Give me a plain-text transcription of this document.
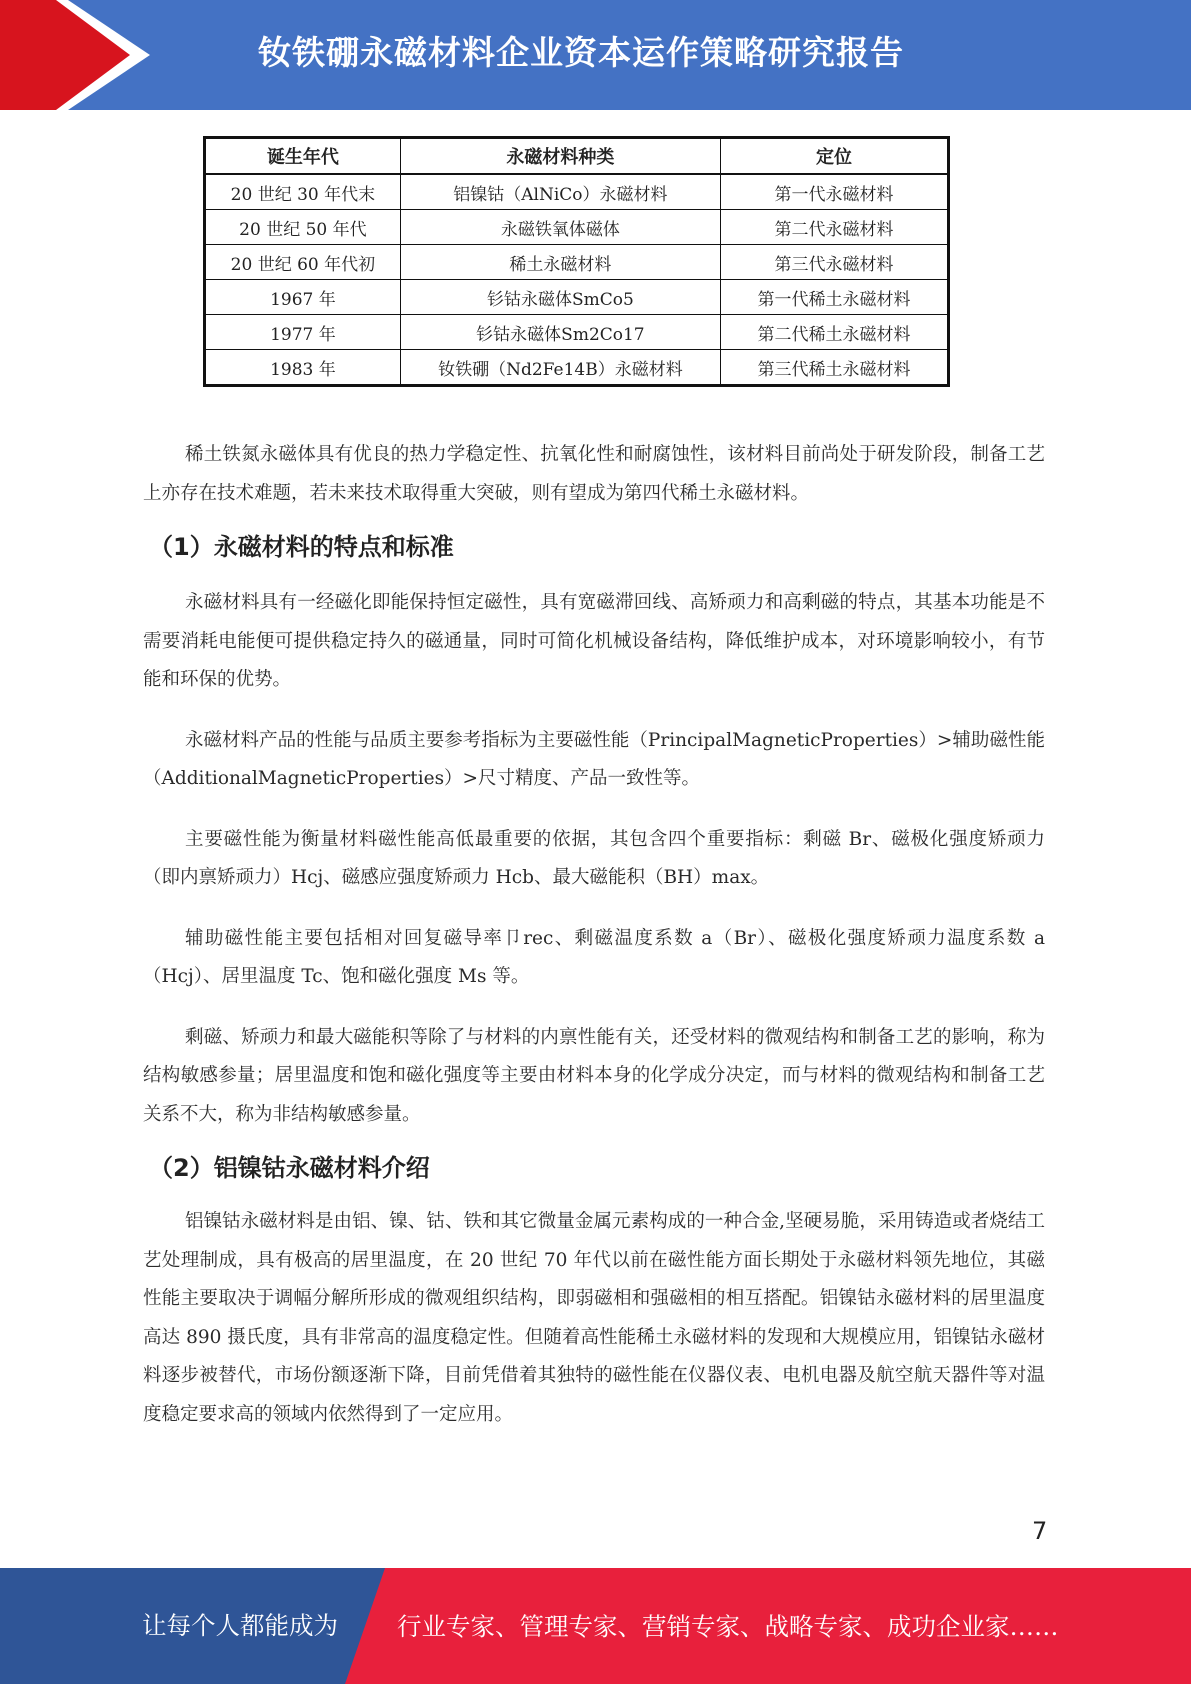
钕铁硼永磁材料企业资本运作策略研究报告
诞生年代	永磁材料种类	定位
20 世纪 30 年代末	铝镍钴（AlNiCo）永磁材料	第一代永磁材料
20 世纪 50 年代	永磁铁氧体磁体	第二代永磁材料
20 世纪 60 年代初	稀土永磁材料	第三代永磁材料
1967 年	钐钴永磁体SmCo5	第一代稀土永磁材料
1977 年	钐钴永磁体Sm2Co17	第二代稀土永磁材料
1983 年	钕铁硼（Nd2Fe14B）永磁材料	第三代稀土永磁材料

稀土铁氮永磁体具有优良的热力学稳定性、抗氧化性和耐腐蚀性，该材料目前尚处于研发阶段，制备工艺上亦存在技术难题，若未来技术取得重大突破，则有望成为第四代稀土永磁材料。

（1）永磁材料的特点和标准

永磁材料具有一经磁化即能保持恒定磁性，具有宽磁滞回线、高矫顽力和高剩磁的特点，其基本功能是不需要消耗电能便可提供稳定持久的磁通量，同时可简化机械设备结构，降低维护成本，对环境影响较小，有节能和环保的优势。

永磁材料产品的性能与品质主要参考指标为主要磁性能（PrincipalMagneticProperties）>辅助磁性能（AdditionalMagneticProperties）>尺寸精度、产品一致性等。

主要磁性能为衡量材料磁性能高低最重要的依据，其包含四个重要指标：剩磁 Br、磁极化强度矫顽力（即内禀矫顽力）Hcj、磁感应强度矫顽力 Hcb、最大磁能积（BH）max。

辅助磁性能主要包括相对回复磁导率卩rec、剩磁温度系数 a（Br）、磁极化强度矫顽力温度系数 a（Hcj）、居里温度 Tc、饱和磁化强度 Ms 等。

剩磁、矫顽力和最大磁能积等除了与材料的内禀性能有关，还受材料的微观结构和制备工艺的影响，称为结构敏感参量；居里温度和饱和磁化强度等主要由材料本身的化学成分决定，而与材料的微观结构和制备工艺关系不大，称为非结构敏感参量。

（2）铝镍钴永磁材料介绍

铝镍钴永磁材料是由铝、镍、钴、铁和其它微量金属元素构成的一种合金,坚硬易脆，采用铸造或者烧结工艺处理制成，具有极高的居里温度，在 20 世纪 70 年代以前在磁性能方面长期处于永磁材料领先地位，其磁性能主要取决于调幅分解所形成的微观组织结构，即弱磁相和强磁相的相互搭配。铝镍钴永磁材料的居里温度高达 890 摄氏度，具有非常高的温度稳定性。但随着高性能稀土永磁材料的发现和大规模应用，铝镍钴永磁材料逐步被替代，市场份额逐渐下降，目前凭借着其独特的磁性能在仪器仪表、电机电器及航空航天器件等对温度稳定要求高的领域内依然得到了一定应用。

7
让每个人都能成为 行业专家、管理专家、营销专家、战略专家、成功企业家……
